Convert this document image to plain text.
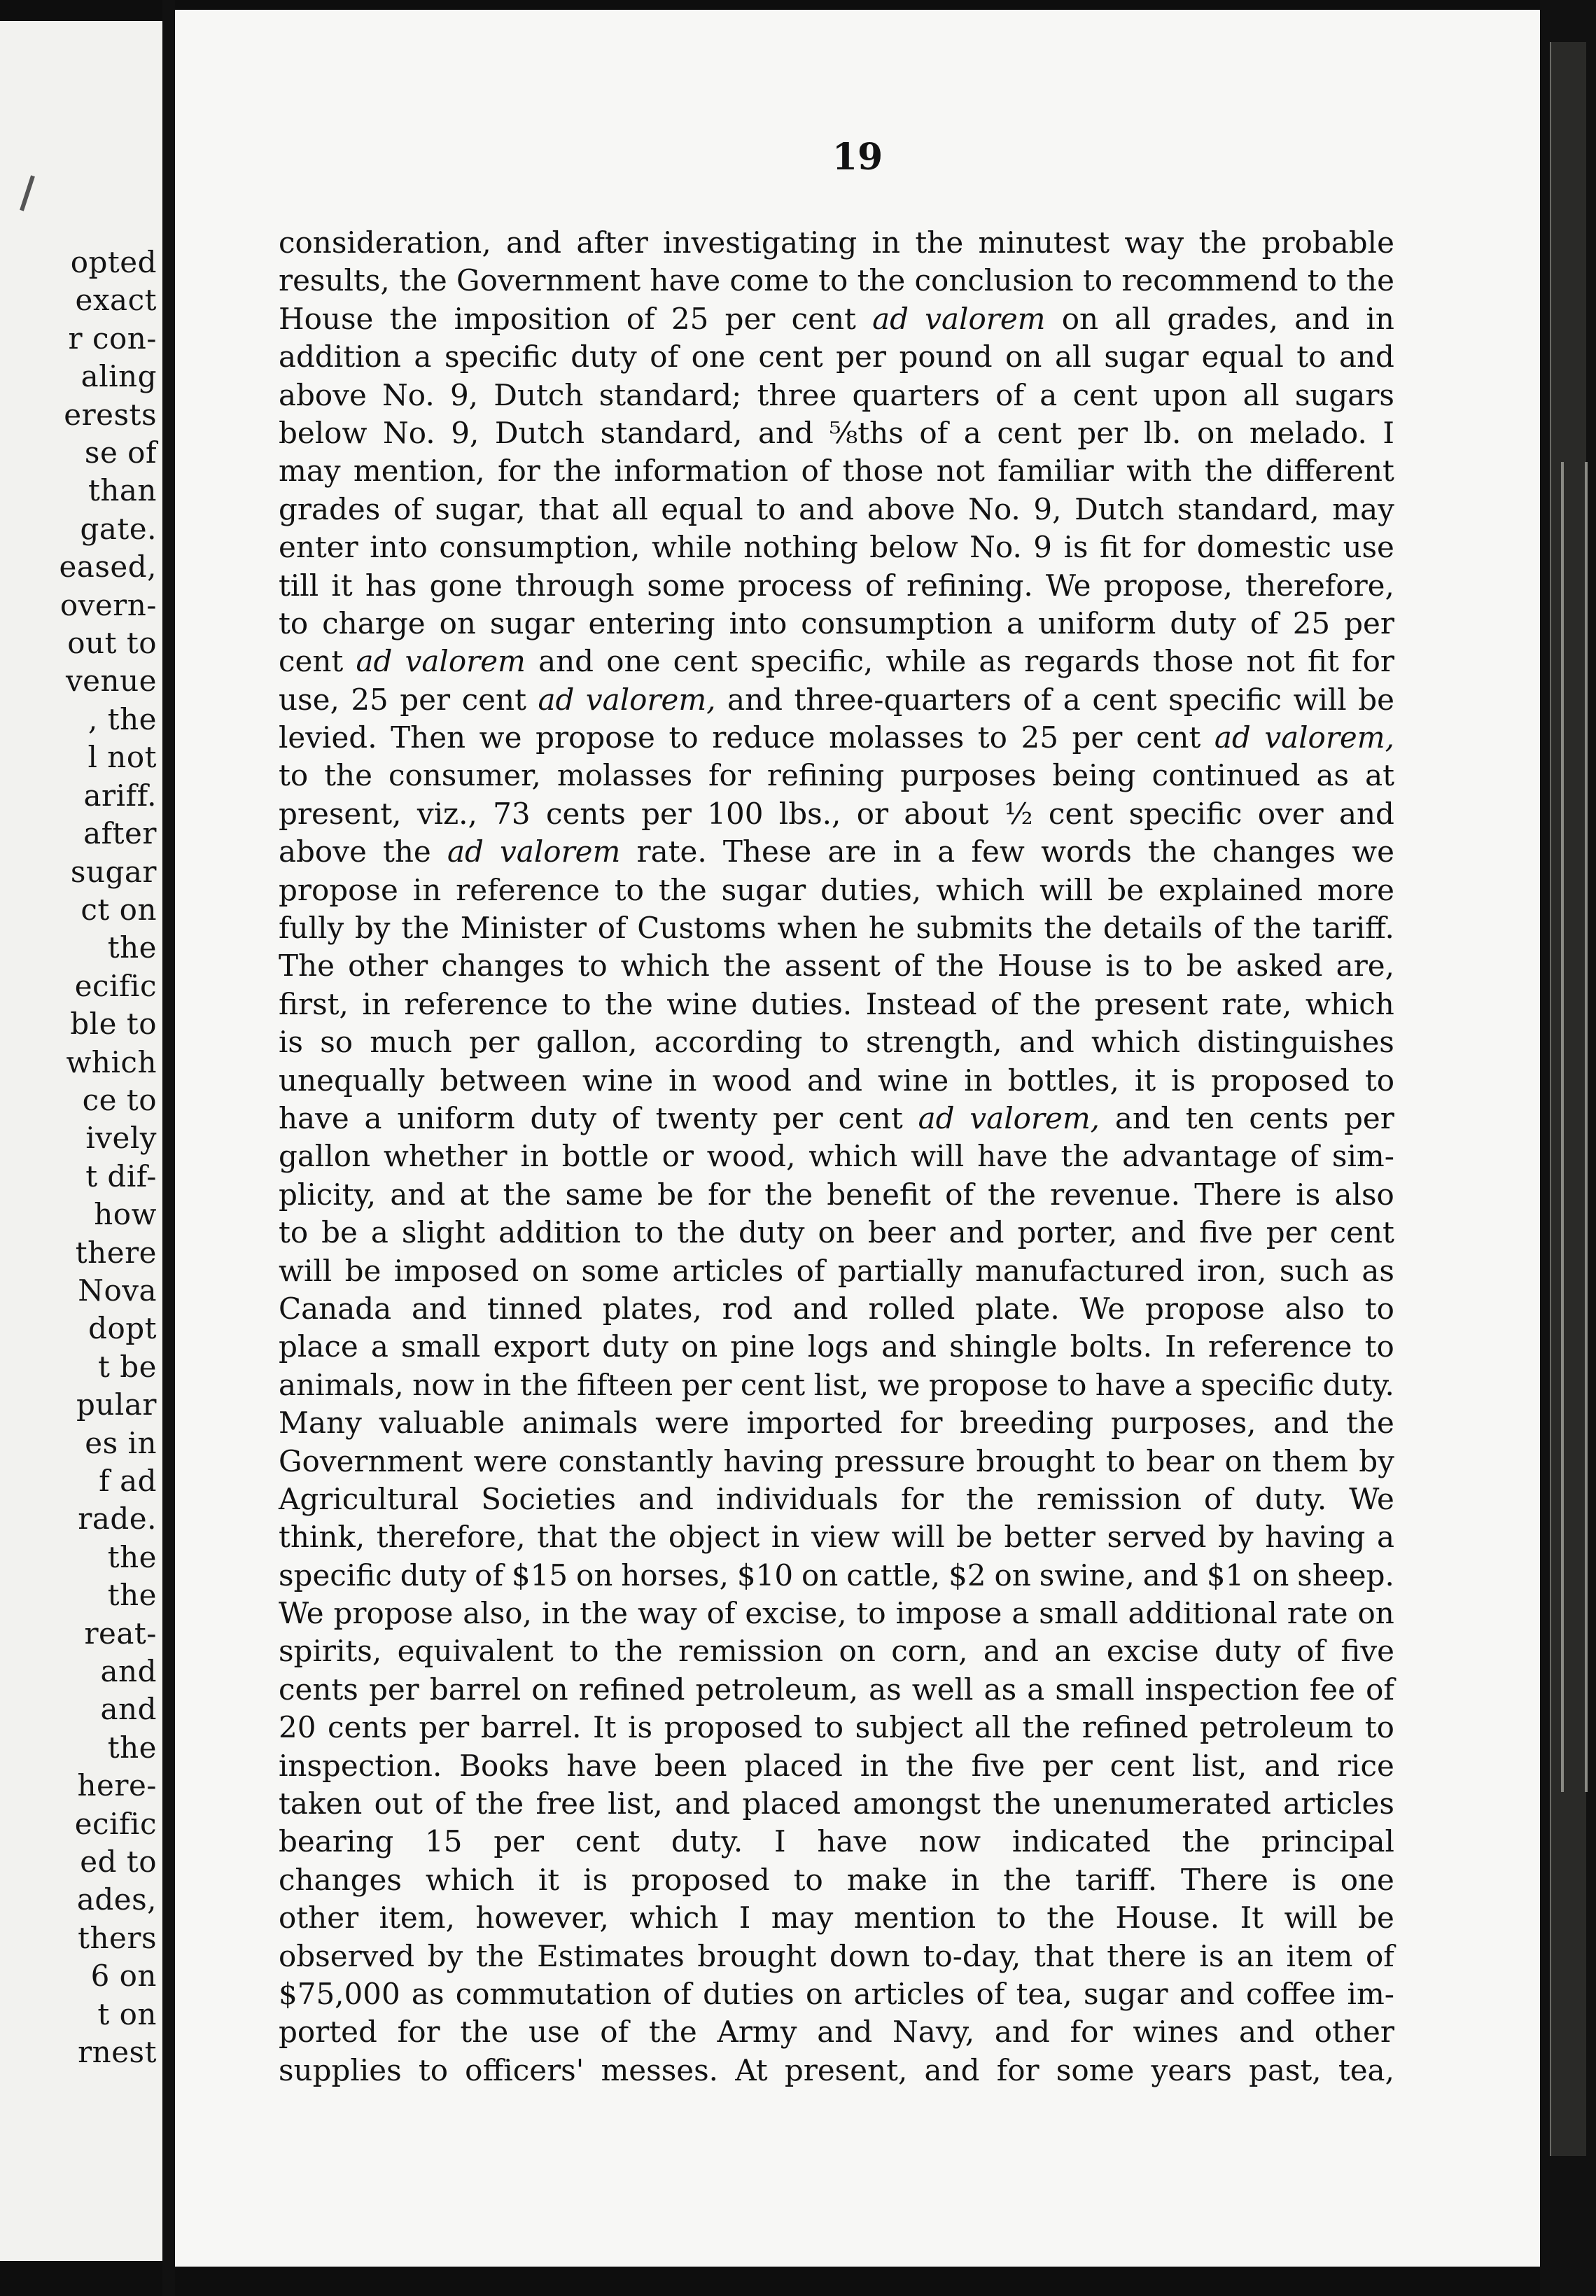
opted
exact
r con-
aling
erests
se of
than
gate.
eased,
overn-
out to
venue
, the
l not
ariff.
after
sugar
ct on
the
ecific
ble to
which
ce to
ively
t dif-
how
there
Nova
dopt
t be
pular
es in
f ad
rade.
the
the
reat-
and
and
the
here-
ecific
ed to
ades,
thers
6 on
t on
rnest
19
consideration, and after investigating in the minutest way the probable
results, the Government have come to the conclusion to recommend to the
House the imposition of 25 per cent ad valorem on all grades, and in
addition a specific duty of one cent per pound on all sugar equal to and
above No. 9, Dutch standard; three quarters of a cent upon all sugars
below No. 9, Dutch standard, and ⅝ths of a cent per lb. on melado. I
may mention, for the information of those not familiar with the different
grades of sugar, that all equal to and above No. 9, Dutch standard, may
enter into consumption, while nothing below No. 9 is fit for domestic use
till it has gone through some process of refining. We propose, therefore,
to charge on sugar entering into consumption a uniform duty of 25 per
cent ad valorem and one cent specific, while as regards those not fit for
use, 25 per cent ad valorem, and three-quarters of a cent specific will be
levied. Then we propose to reduce molasses to 25 per cent ad valorem,
to the consumer, molasses for refining purposes being continued as at
present, viz., 73 cents per 100 lbs., or about ½ cent specific over and
above the ad valorem rate. These are in a few words the changes we
propose in reference to the sugar duties, which will be explained more
fully by the Minister of Customs when he submits the details of the tariff.
The other changes to which the assent of the House is to be asked are,
first, in reference to the wine duties. Instead of the present rate, which
is so much per gallon, according to strength, and which distinguishes
unequally between wine in wood and wine in bottles, it is proposed to
have a uniform duty of twenty per cent ad valorem, and ten cents per
gallon whether in bottle or wood, which will have the advantage of sim-
plicity, and at the same be for the benefit of the revenue. There is also
to be a slight addition to the duty on beer and porter, and five per cent
will be imposed on some articles of partially manufactured iron, such as
Canada and tinned plates, rod and rolled plate. We propose also to
place a small export duty on pine logs and shingle bolts. In reference to
animals, now in the fifteen per cent list, we propose to have a specific duty.
Many valuable animals were imported for breeding purposes, and the
Government were constantly having pressure brought to bear on them by
Agricultural Societies and individuals for the remission of duty. We
think, therefore, that the object in view will be better served by having a
specific duty of $15 on horses, $10 on cattle, $2 on swine, and $1 on sheep.
We propose also, in the way of excise, to impose a small additional rate on
spirits, equivalent to the remission on corn, and an excise duty of five
cents per barrel on refined petroleum, as well as a small inspection fee of
20 cents per barrel. It is proposed to subject all the refined petroleum to
inspection. Books have been placed in the five per cent list, and rice
taken out of the free list, and placed amongst the unenumerated articles
bearing 15 per cent duty. I have now indicated the principal
changes which it is proposed to make in the tariff. There is one
other item, however, which I may mention to the House. It will be
observed by the Estimates brought down to-day, that there is an item of
$75,000 as commutation of duties on articles of tea, sugar and coffee im-
ported for the use of the Army and Navy, and for wines and other
supplies to officers' messes. At present, and for some years past, tea,
